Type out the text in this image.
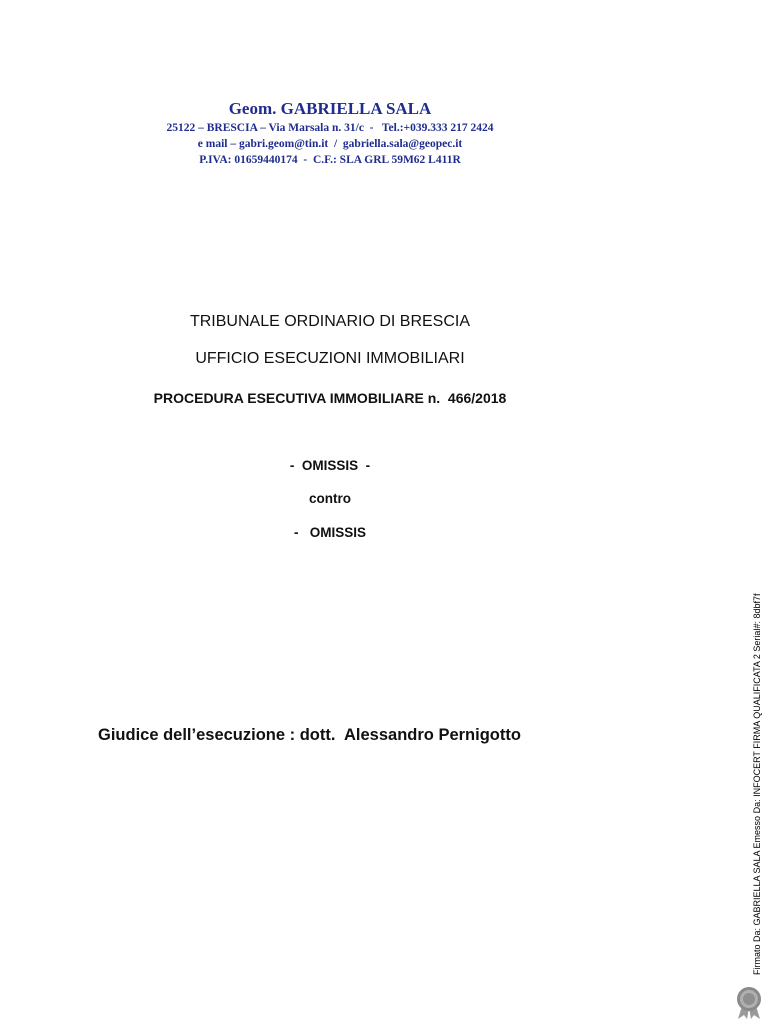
Geom. GABRIELLA SALA
25122 – BRESCIA – Via Marsala n. 31/c  -   Tel.:+039.333 217 2424
e mail – gabri.geom@tin.it  /  gabriella.sala@geopec.it
P.IVA: 01659440174  -  C.F.: SLA GRL 59M62 L411R
TRIBUNALE ORDINARIO DI BRESCIA
UFFICIO ESECUZIONI IMMOBILIARI
PROCEDURA ESECUTIVA IMMOBILIARE n.  466/2018
-  OMISSIS  -
contro
-   OMISSIS
Giudice dell’esecuzione : dott.  Alessandro Pernigotto	Firmato Da: GABRIELLA SALA Emesso Da: INFOCERT FIRMA QUALIFICATA 2 Serial#: 8dbf7f
